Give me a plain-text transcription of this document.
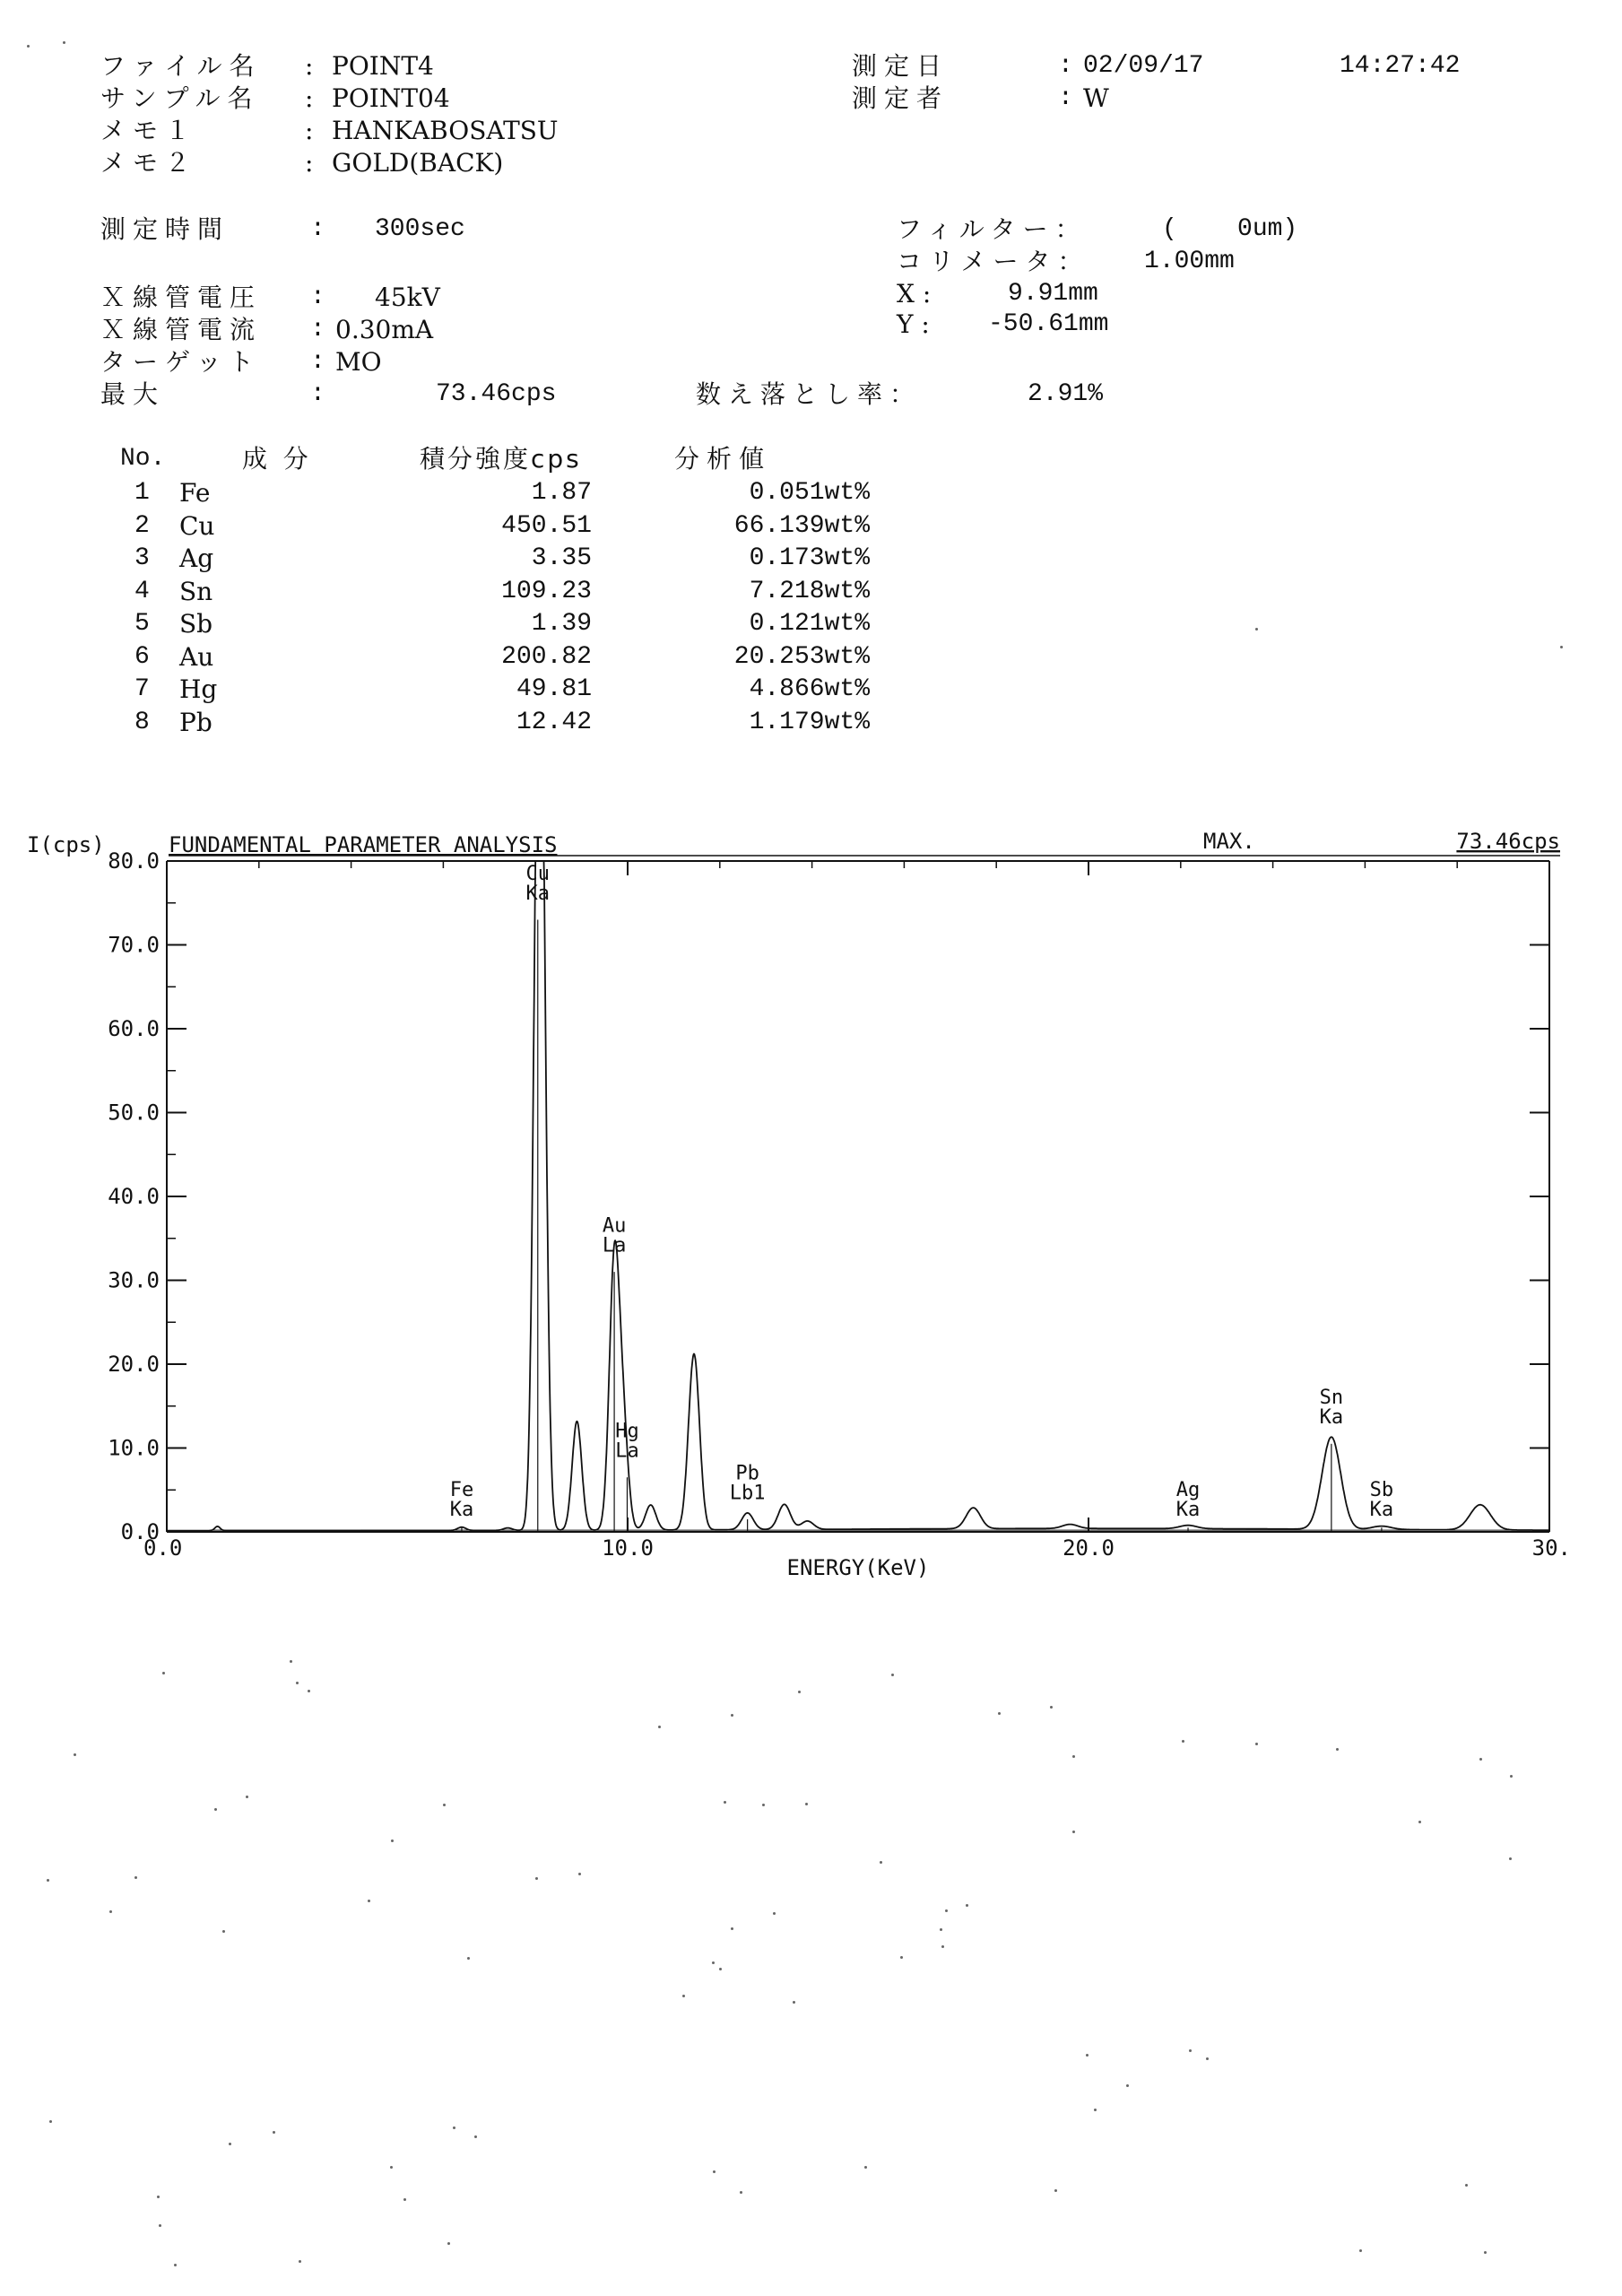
ファイル名 : POINT4
サンプル名 : POINT04
メモ１	: HANKABOSATSU
メモ２	: GOLD(BACK)
測定日	: 02/09/17	14:27:42
測定者	: W
測定時間	: 300sec
Ｘ線管電圧 : 45kV
Ｘ線管電流 : 0.30mA
ターゲット : MO
最大	:	73.46cps	数え落とし率：	2.91%
フィルター：	(    0um)
コリメータ： 1.00mm
X :	9.91mm
Y : -50.61mm
No.	成  分	積分強度cps	分析値
1 Fe	1.87	0.051wt%
2 Cu	450.51	66.139wt%
3 Ag	3.35	0.173wt%
4 Sn	109.23	7.218wt%
5 Sb	1.39	0.121wt%
6 Au	200.82	20.253wt%
7 Hg	49.81	4.866wt%
8 Pb	12.42	1.179wt%
I(cps)	FUNDAMENTAL PARAMETER ANALYSIS	MAX.	73.46cps
0.0
10.0
20.0
30.0
40.0
50.0
60.0
70.0
80.0
0.0	10.0	20.0	30.
ENERGY(KeV)
Fe
Ka
Cu
Ka
Au
La
Hg
La
Pb
Lb1	Ag
Ka
Sn
Ka
Sb
Ka
